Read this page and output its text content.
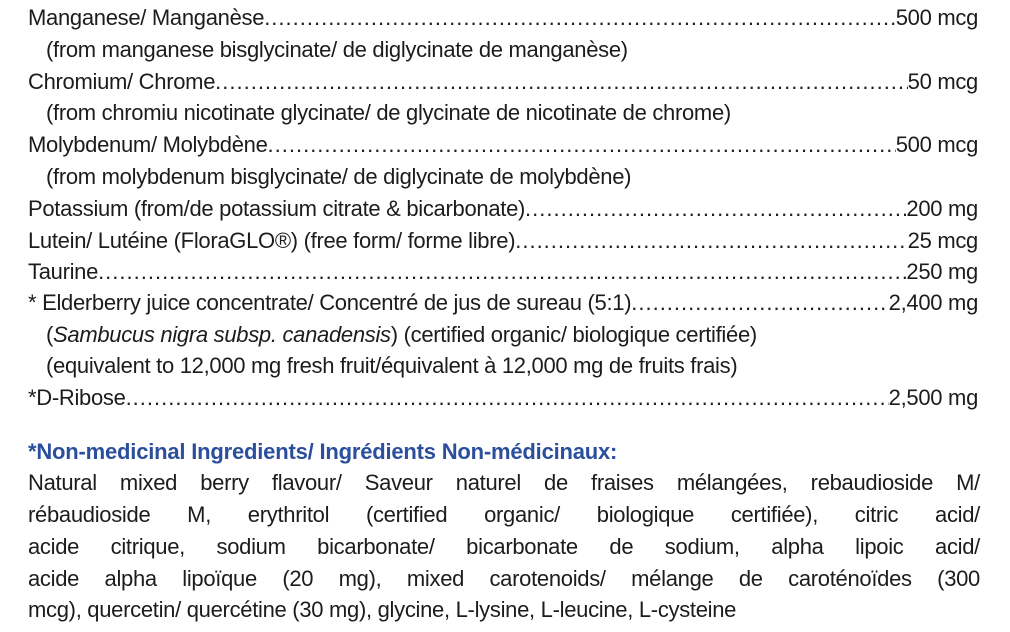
Manganese/ Manganèse .....	500 mcg
(from manganese bisglycinate/ de diglycinate de manganèse)
Chromium/ Chrome .....	50 mcg
(from chromiu nicotinate glycinate/ de glycinate de nicotinate de chrome)
Molybdenum/ Molybdène .....	500 mcg
(from molybdenum bisglycinate/ de diglycinate de molybdène)
Potassium (from/de potassium citrate & bicarbonate) .....	200 mg
Lutein/ Lutéine (FloraGLO®) (free form/ forme libre) .....	25 mcg
Taurine .....	250 mg
* Elderberry juice concentrate/ Concentré de jus de sureau (5:1) .....	2,400 mg
(Sambucus nigra subsp. canadensis) (certified organic/ biologique certifiée)
(equivalent to 12,000 mg fresh fruit/équivalent à 12,000 mg de fruits frais)
*D-Ribose .....	2,500 mg
*Non-medicinal Ingredients/ Ingrédients Non-médicinaux:
Natural mixed berry flavour/ Saveur naturel de fraises mélangées, rebaudioside M/
rébaudioside M, erythritol (certified organic/ biologique certifiée), citric acid/
acide citrique, sodium bicarbonate/ bicarbonate de sodium, alpha lipoic acid/
acide alpha lipoïque (20 mg), mixed carotenoids/ mélange de caroténoïdes (300
mcg), quercetin/ quercétine (30 mg), glycine, L-lysine, L-leucine, L-cysteine
